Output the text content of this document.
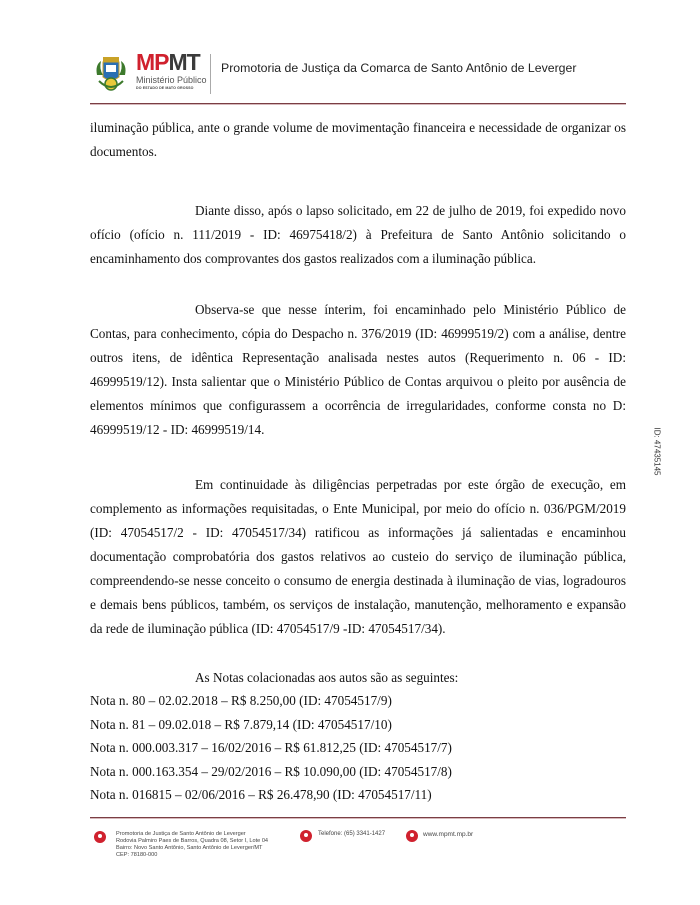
MPMT
Ministério Público
DO ESTADO DE MATO GROSSO
Promotoria de Justiça da Comarca de Santo Antônio de Leverger

iluminação pública, ante o grande volume de movimentação financeira e necessidade de organizar os documentos.

Diante disso, após o lapso solicitado, em 22 de julho de 2019, foi expedido novo ofício (ofício n. 111/2019 - ID: 46975418/2) à Prefeitura de Santo Antônio solicitando o encaminhamento dos comprovantes dos gastos realizados com a iluminação pública.

Observa-se que nesse ínterim, foi encaminhado pelo Ministério Público de Contas, para conhecimento, cópia do Despacho n. 376/2019 (ID: 46999519/2) com a análise, dentre outros itens, de idêntica Representação analisada nestes autos (Requerimento n. 06 - ID: 46999519/12). Insta salientar que o Ministério Público de Contas arquivou o pleito por ausência de elementos mínimos que configurassem a ocorrência de irregularidades, conforme consta no D: 46999519/12 - ID: 46999519/14.

Em continuidade às diligências perpetradas por este órgão de execução, em complemento as informações requisitadas, o Ente Municipal, por meio do ofício n. 036/PGM/2019 (ID: 47054517/2 - ID: 47054517/34) ratificou as informações já salientadas e encaminhou documentação comprobatória dos gastos relativos ao custeio do serviço de iluminação pública, compreendendo-se nesse conceito o consumo de energia destinada à iluminação de vias, logradouros e demais bens públicos, também, os serviços de instalação, manutenção, melhoramento e expansão da rede de iluminação pública (ID: 47054517/9 -ID: 47054517/34).

As Notas colacionadas aos autos são as seguintes:

Nota n. 80 – 02.02.2018 – R$ 8.250,00 (ID: 47054517/9)
Nota n. 81 – 09.02.018 – R$ 7.879,14 (ID: 47054517/10)
Nota n. 000.003.317 – 16/02/2016 – R$ 61.812,25 (ID: 47054517/7)
Nota n. 000.163.354 – 29/02/2016 – R$ 10.090,00 (ID: 47054517/8)
Nota n. 016815 – 02/06/2016 – R$ 26.478,90 (ID: 47054517/11)
ID: 47435145
Promotoria de Justiça de Santo Antônio de Leverger
Rodovia Palmiro Paes de Barros, Quadra 08, Setor I, Lote 04
Bairro: Novo Santo Antônio, Santo Antônio de Leverger/MT
CEP: 78180-000
Telefone: (65) 3341-1427	www.mpmt.mp.br
